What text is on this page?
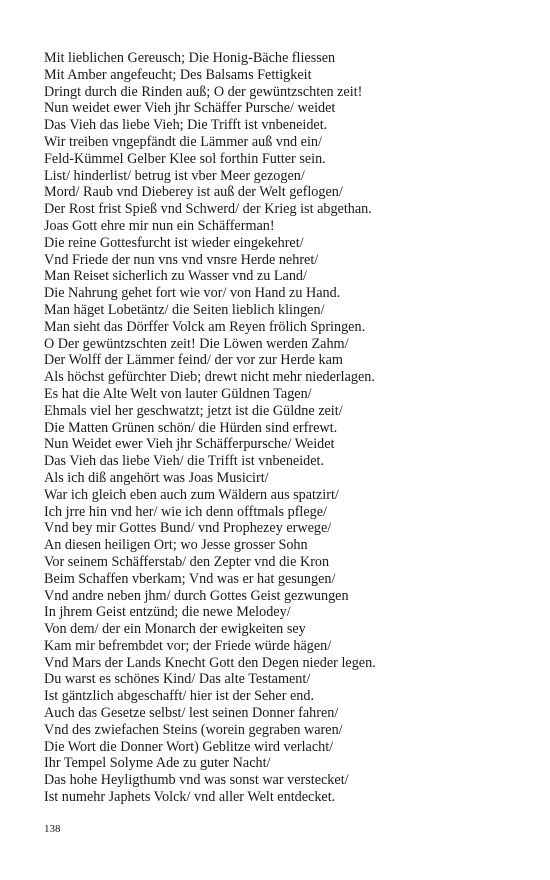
Mit lieblichen Gereusch; Die Honig-Bäche fliessen
Mit Amber angefeucht; Des Balsams Fettigkeit
Dringt durch die Rinden auß; O der gewüntzschten zeit!
Nun weidet ewer Vieh jhr Schäffer Pursche/ weidet
Das Vieh das liebe Vieh; Die Trifft ist vnbeneidet.
Wir treiben vngepfändt die Lämmer auß vnd ein/
Feld-Kümmel Gelber Klee sol forthin Futter sein.
List/ hinderlist/ betrug ist vber Meer gezogen/
Mord/ Raub vnd Dieberey ist auß der Welt geflogen/
Der Rost frist Spieß vnd Schwerd/ der Krieg ist abgethan.
Joas Gott ehre mir nun ein Schäfferman!
Die reine Gottesfurcht ist wieder eingekehret/
Vnd Friede der nun vns vnd vnsre Herde nehret/
Man Reiset sicherlich zu Wasser vnd zu Land/
Die Nahrung gehet fort wie vor/ von Hand zu Hand.
Man häget Lobetäntz/ die Seiten lieblich klingen/
Man sieht das Dörffer Volck am Reyen frölich Springen.
O Der gewüntzschten zeit! Die Löwen werden Zahm/
Der Wolff der Lämmer feind/ der vor zur Herde kam
Als höchst gefürchter Dieb; drewt nicht mehr niederlagen.
Es hat die Alte Welt von lauter Güldnen Tagen/
Ehmals viel her geschwatzt; jetzt ist die Güldne zeit/
Die Matten Grünen schön/ die Hürden sind erfrewt.
Nun Weidet ewer Vieh jhr Schäfferpursche/ Weidet
Das Vieh das liebe Vieh/ die Trifft ist vnbeneidet.
Als ich diß angehört was Joas Musicirt/
War ich gleich eben auch zum Wäldern aus spatzirt/
Ich jrre hin vnd her/ wie ich denn offtmals pflege/
Vnd bey mir Gottes Bund/ vnd Prophezey erwege/
An diesen heiligen Ort; wo Jesse grosser Sohn
Vor seinem Schäfferstab/ den Zepter vnd die Kron
Beim Schaffen vberkam; Vnd was er hat gesungen/
Vnd andre neben jhm/ durch Gottes Geist gezwungen
In jhrem Geist entzünd; die newe Melodey/
Von dem/ der ein Monarch der ewigkeiten sey
Kam mir befrembdet vor; der Friede würde hägen/
Vnd Mars der Lands Knecht Gott den Degen nieder legen.
Du warst es schönes Kind/ Das alte Testament/
Ist gäntzlich abgeschafft/ hier ist der Seher end.
Auch das Gesetze selbst/ lest seinen Donner fahren/
Vnd des zwiefachen Steins (worein gegraben waren/
Die Wort die Donner Wort) Geblitze wird verlacht/
Ihr Tempel Solyme Ade zu guter Nacht/
Das hohe Heyligthumb vnd was sonst war verstecket/
Ist numehr Japhets Volck/ vnd aller Welt entdecket.
138
